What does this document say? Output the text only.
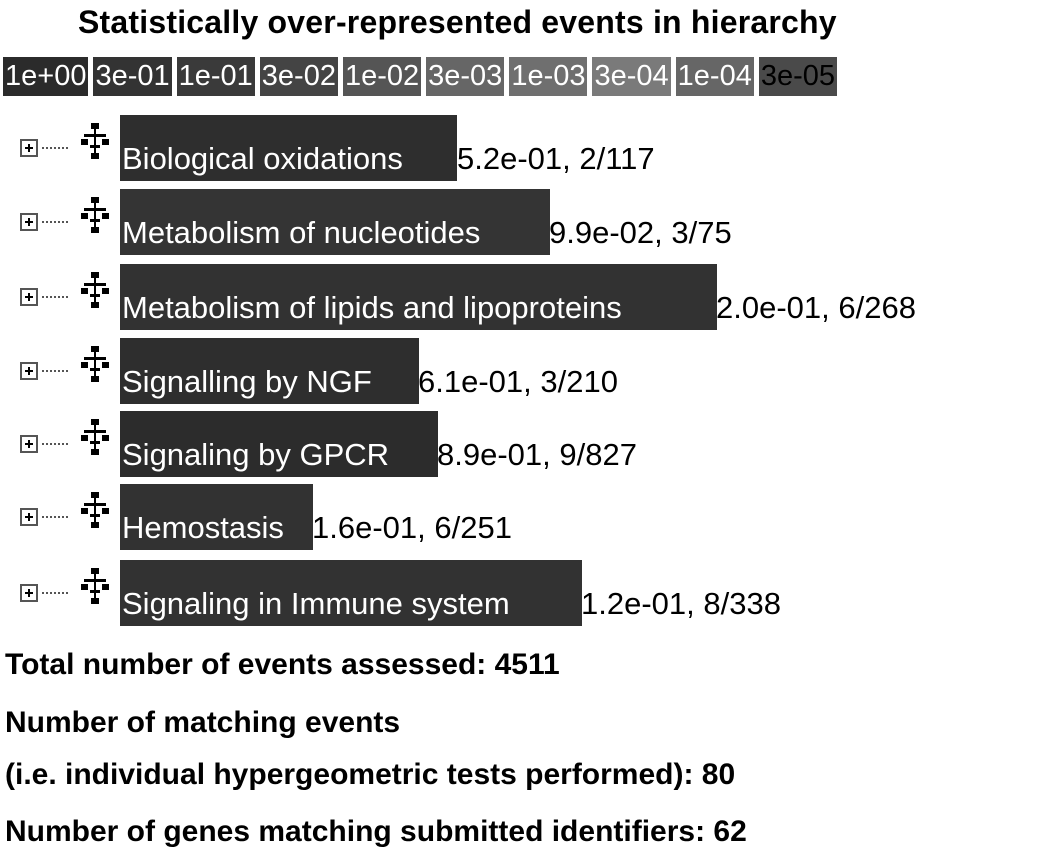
Statistically over-represented events in hierarchy
1e+00 3e-01 1e-01 3e-02 1e-02 3e-03 1e-03 3e-04 1e-04 3e-05
Biological oxidations 5.2e-01, 2/117
Metabolism of nucleotides 9.9e-02, 3/75
Metabolism of lipids and lipoproteins	2.0e-01, 6/268
Signalling by NGF 6.1e-01, 3/210
Signaling by GPCR 8.9e-01, 9/827
Hemostasis 1.6e-01, 6/251
Signaling in Immune system 1.2e-01, 8/338
Total number of events assessed: 4511
Number of matching events
(i.e. individual hypergeometric tests performed): 80
Number of genes matching submitted identifiers: 62
